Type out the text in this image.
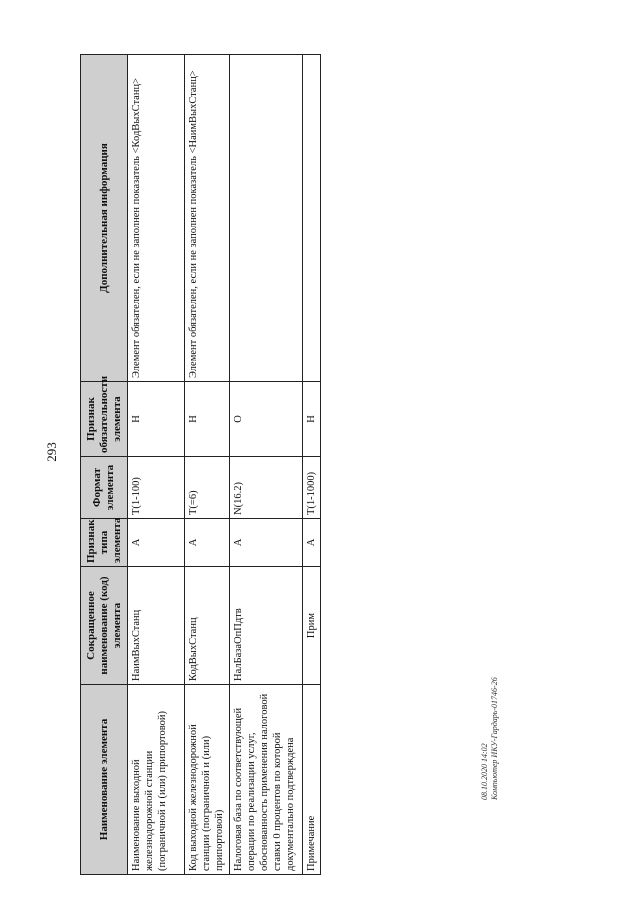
293
Наименование элемента	Сокращенное наименование (код) элемента	Признак типа элемента	Формат элемента	Признак обязательности элемента	Дополнительная информация
Наименование выходной железнодорожной станции (пограничной и (или) припортовой)	НаимВыхСтанц	А	T(1-100)	Н	Элемент обязателен, если не заполнен показатель <КодВыхСтанц>
Код выходной железнодорожной станции (пограничной и (или) припортовой)	КодВыхСтанц	А	T(=6)	Н	Элемент обязателен, если не заполнен показатель <НаимВыхСтанц>
Налоговая база по соответствующей операции по реализации услуг, обоснованность применения налоговой ставки 0 процентов по которой документально подтверждена	НалБазаОпПдтв	А	N(16.2)	О	
Примечание	Прим	А	T(1-1000)	Н	
08.10.2020 14:02 Компьютер ИКУ-Гардарь-01746-26
